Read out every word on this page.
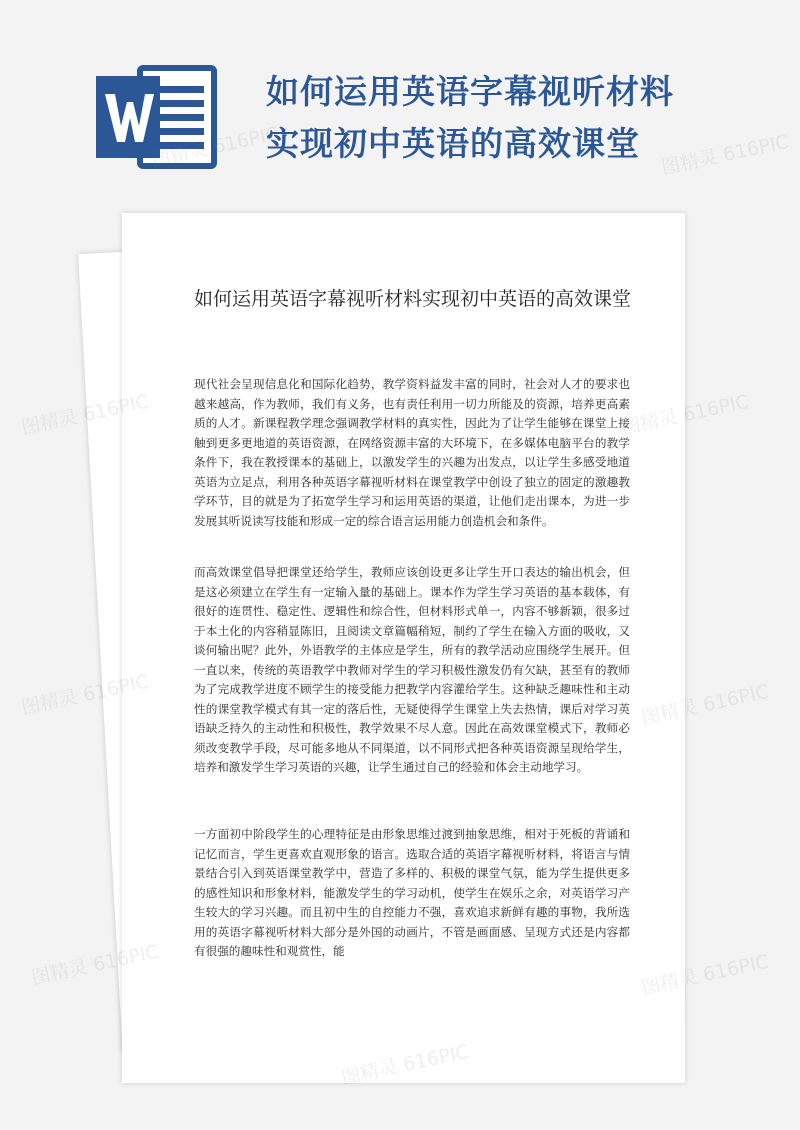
如何运用英语字幕视听材料实现初中英语的高效课堂
如何运用英语字幕视听材料实现初中英语的高效课堂
现代社会呈现信息化和国际化趋势，教学资料益发丰富的同时，社会对人才的要求也越来越高，作为教师，我们有义务，也有责任利用一切力所能及的资源，培养更高素质的人才。新课程教学理念强调教学材料的真实性，因此为了让学生能够在课堂上接触到更多更地道的英语资源，在网络资源丰富的大环境下，在多媒体电脑平台的教学条件下，我在教授课本的基础上，以激发学生的兴趣为出发点，以让学生多感受地道英语为立足点，利用各种英语字幕视听材料在课堂教学中创设了独立的固定的激趣教学环节，目的就是为了拓宽学生学习和运用英语的渠道，让他们走出课本，为进一步发展其听说读写技能和形成一定的综合语言运用能力创造机会和条件。
而高效课堂倡导把课堂还给学生，教师应该创设更多让学生开口表达的输出机会，但是这必须建立在学生有一定输入量的基础上。课本作为学生学习英语的基本载体，有很好的连贯性、稳定性、逻辑性和综合性，但材料形式单一，内容不够新颖，很多过于本土化的内容稍显陈旧，且阅读文章篇幅稍短，制约了学生在输入方面的吸收，又谈何输出呢？此外，外语教学的主体应是学生，所有的教学活动应围绕学生展开。但一直以来，传统的英语教学中教师对学生的学习积极性激发仍有欠缺，甚至有的教师为了完成教学进度不顾学生的接受能力把教学内容灌给学生。这种缺乏趣味性和主动性的课堂教学模式有其一定的落后性，无疑使得学生课堂上失去热情，课后对学习英语缺乏持久的主动性和积极性，教学效果不尽人意。因此在高效课堂模式下，教师必须改变教学手段，尽可能多地从不同渠道，以不同形式把各种英语资源呈现给学生，培养和激发学生学习英语的兴趣，让学生通过自己的经验和体会主动地学习。
一方面初中阶段学生的心理特征是由形象思维过渡到抽象思维，相对于死板的背诵和记忆而言，学生更喜欢直观形象的语言。选取合适的英语字幕视听材料，将语言与情景结合引入到英语课堂教学中，营造了多样的、积极的课堂气氛，能为学生提供更多的感性知识和形象材料，能激发学生的学习动机，使学生在娱乐之余，对英语学习产生较大的学习兴趣。而且初中生的自控能力不强，喜欢追求新鲜有趣的事物，我所选用的英语字幕视听材料大部分是外国的动画片，不管是画面感、呈现方式还是内容都有很强的趣味性和观赏性，能
616PIC	图精灵 616PIC
图精灵 616PIC	图精灵 616PIC
图精灵 616PIC	图精灵 616PIC
图精灵 616PIC	图精灵 616PIC
